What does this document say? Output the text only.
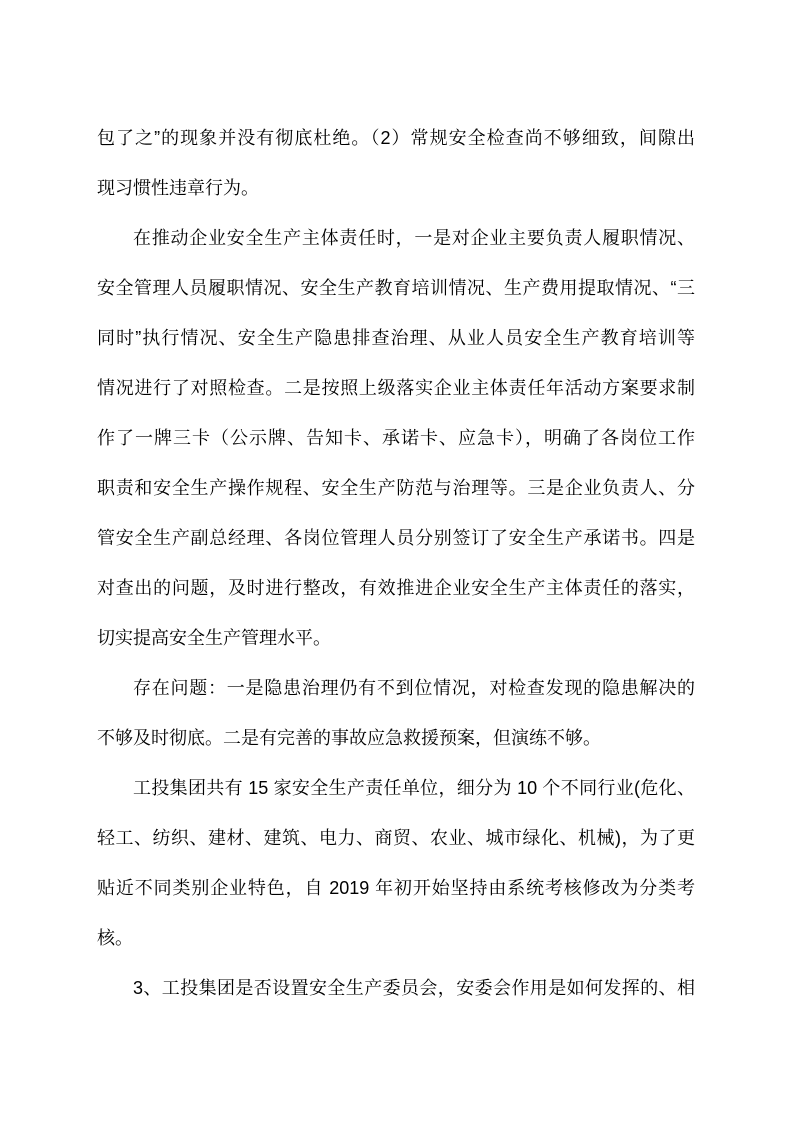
包了之”的现象并没有彻底杜绝。（2）常规安全检查尚不够细致，间隙出
现习惯性违章行为。
在推动企业安全生产主体责任时，一是对企业主要负责人履职情况、
安全管理人员履职情况、安全生产教育培训情况、生产费用提取情况、“三
同时”执行情况、安全生产隐患排查治理、从业人员安全生产教育培训等
情况进行了对照检查。二是按照上级落实企业主体责任年活动方案要求制
作了一牌三卡（公示牌、告知卡、承诺卡、应急卡），明确了各岗位工作
职责和安全生产操作规程、安全生产防范与治理等。三是企业负责人、分
管安全生产副总经理、各岗位管理人员分别签订了安全生产承诺书。四是
对查出的问题，及时进行整改，有效推进企业安全生产主体责任的落实，
切实提高安全生产管理水平。
存在问题：一是隐患治理仍有不到位情况，对检查发现的隐患解决的
不够及时彻底。二是有完善的事故应急救援预案，但演练不够。
工投集团共有 15 家安全生产责任单位，细分为 10 个不同行业(危化、
轻工、纺织、建材、建筑、电力、商贸、农业、城市绿化、机械)，为了更
贴近不同类别企业特色，自 2019 年初开始坚持由系统考核修改为分类考
核。
3、工投集团是否设置安全生产委员会，安委会作用是如何发挥的、相
